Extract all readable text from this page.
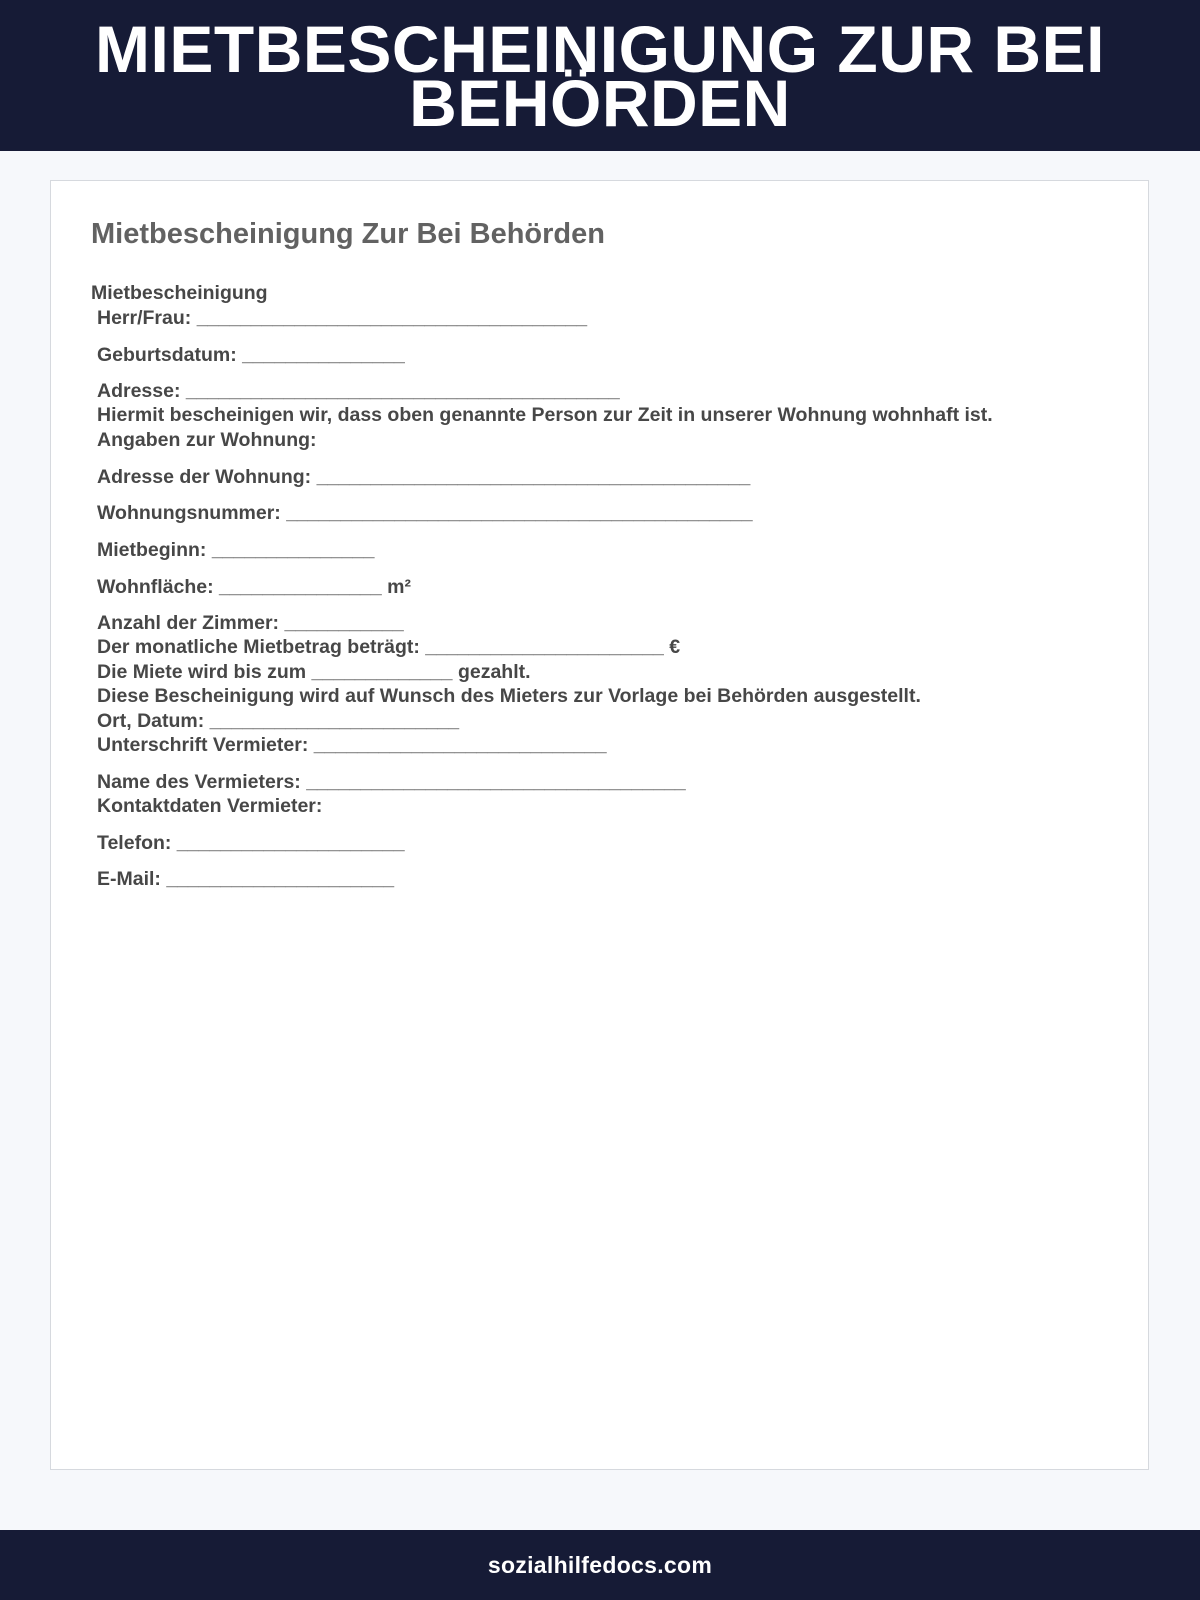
MIETBESCHEINIGUNG ZUR BEI BEHÖRDEN
Mietbescheinigung Zur Bei Behörden

Mietbescheinigung

Herr/Frau: ____________________________________

Geburtsdatum: _______________

Adresse: ________________________________________

Hiermit bescheinigen wir, dass oben genannte Person zur Zeit in unserer Wohnung wohnhaft ist.

Angaben zur Wohnung:

Adresse der Wohnung: ________________________________________

Wohnungsnummer: ___________________________________________

Mietbeginn: _______________

Wohnfläche: _______________ m²

Anzahl der Zimmer: ___________

Der monatliche Mietbetrag beträgt: ______________________ €

Die Miete wird bis zum _____________ gezahlt.

Diese Bescheinigung wird auf Wunsch des Mieters zur Vorlage bei Behörden ausgestellt.

Ort, Datum: _______________________

Unterschrift Vermieter: ___________________________

Name des Vermieters: ___________________________________

Kontaktdaten Vermieter:

Telefon: _____________________

E-Mail: _____________________

sozialhilfedocs.com
